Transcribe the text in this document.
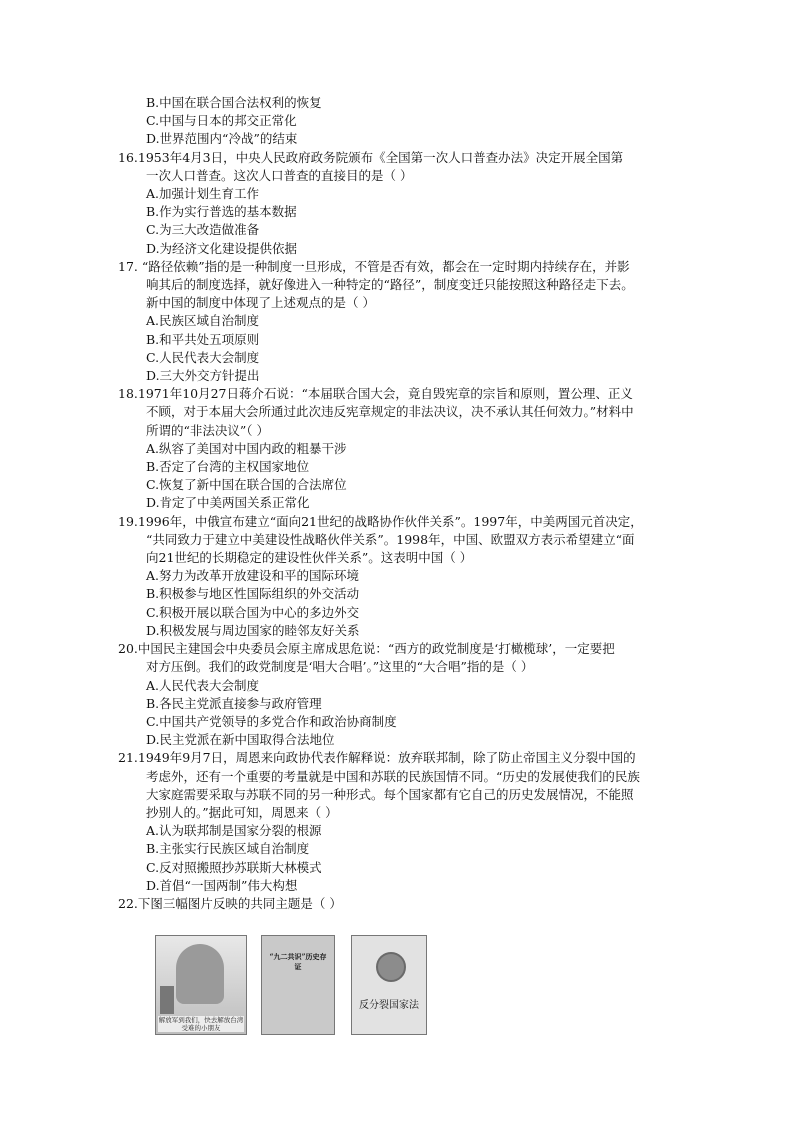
B.中国在联合国合法权利的恢复
C.中国与日本的邦交正常化
D.世界范围内“冷战”的结束
16.1953年4月3日，中央人民政府政务院颁布《全国第一次人口普查办法》决定开展全国第
一次人口普查。这次人口普查的直接目的是（ ）
A.加强计划生育工作
B.作为实行普选的基本数据
C.为三大改造做准备
D.为经济文化建设提供依据
17. “路径依赖”指的是一种制度一旦形成，不管是否有效，都会在一定时期内持续存在，并影
响其后的制度选择，就好像进入一种特定的“路径”，制度变迁只能按照这种路径走下去。
新中国的制度中体现了上述观点的是（ ）
A.民族区域自治制度
B.和平共处五项原则
C.人民代表大会制度
D.三大外交方针提出
18.1971年10月27日蒋介石说：“本届联合国大会，竟自毁宪章的宗旨和原则，置公理、正义
不顾，对于本届大会所通过此次违反宪章规定的非法决议，决不承认其任何效力。”材料中
所谓的“非法决议”（ ）
A.纵容了美国对中国内政的粗暴干涉
B.否定了台湾的主权国家地位
C.恢复了新中国在联合国的合法席位
D.肯定了中美两国关系正常化
19.1996年，中俄宣布建立“面向21世纪的战略协作伙伴关系”。1997年，中美两国元首决定，
“共同致力于建立中美建设性战略伙伴关系”。1998年，中国、欧盟双方表示希望建立“面
向21世纪的长期稳定的建设性伙伴关系”。这表明中国（ ）
A.努力为改革开放建设和平的国际环境
B.积极参与地区性国际组织的外交活动
C.积极开展以联合国为中心的多边外交
D.积极发展与周边国家的睦邻友好关系
20.中国民主建国会中央委员会原主席成思危说：“西方的政党制度是‘打橄榄球’，一定要把
对方压倒。我们的政党制度是‘唱大合唱’。”这里的“大合唱”指的是（ ）
A.人民代表大会制度
B.各民主党派直接参与政府管理
C.中国共产党领导的多党合作和政治协商制度
D.民主党派在新中国取得合法地位
21.1949年9月7日，周恩来向政协代表作解释说：放弃联邦制，除了防止帝国主义分裂中国的
考虑外，还有一个重要的考量就是中国和苏联的民族国情不同。“历史的发展使我们的民族
大家庭需要采取与苏联不同的另一种形式。每个国家都有它自己的历史发展情况，不能照
抄别人的。”据此可知，周恩来（ ）
A.认为联邦制是国家分裂的根源
B.主张实行民族区域自治制度
C.反对照搬照抄苏联斯大林模式
D.首倡“一国两制”伟大构想
22.下图三幅图片反映的共同主题是（ ）
解放军到我们，快去解放台湾受难的小朋友
“九二共识”历史存证
反分裂国家法
